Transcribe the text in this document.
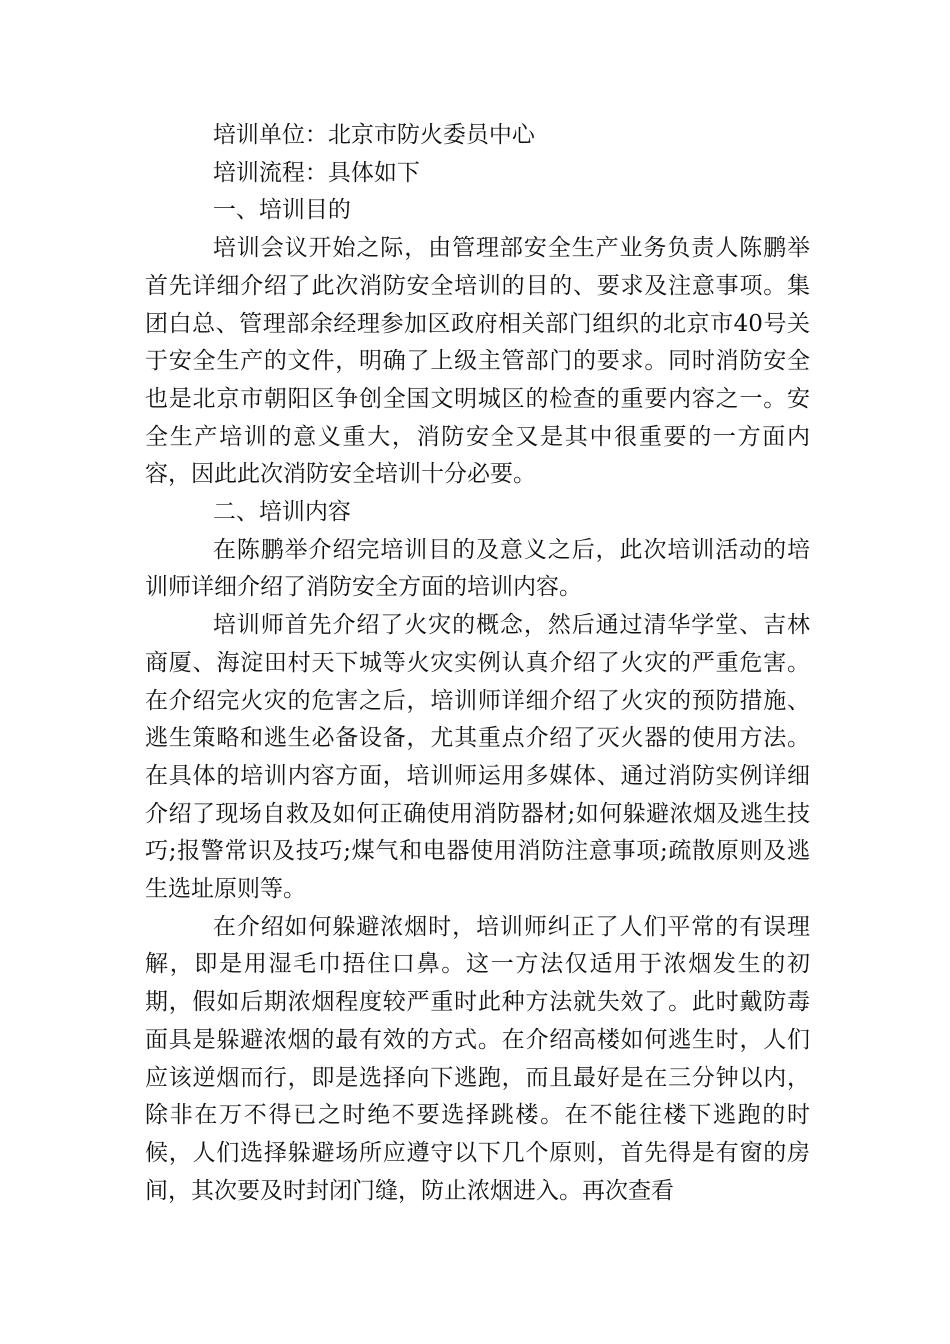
培训单位：北京市防火委员中心

培训流程：具体如下

一、培训目的

培训会议开始之际，由管理部安全生产业务负责人陈鹏举首先详细介绍了此次消防安全培训的目的、要求及注意事项。集团白总、管理部余经理参加区政府相关部门组织的北京市40号关于安全生产的文件，明确了上级主管部门的要求。同时消防安全也是北京市朝阳区争创全国文明城区的检查的重要内容之一。安全生产培训的意义重大，消防安全又是其中很重要的一方面内容，因此此次消防安全培训十分必要。

二、培训内容

在陈鹏举介绍完培训目的及意义之后，此次培训活动的培训师详细介绍了消防安全方面的培训内容。

培训师首先介绍了火灾的概念，然后通过清华学堂、吉林商厦、海淀田村天下城等火灾实例认真介绍了火灾的严重危害。在介绍完火灾的危害之后，培训师详细介绍了火灾的预防措施、逃生策略和逃生必备设备，尤其重点介绍了灭火器的使用方法。在具体的培训内容方面，培训师运用多媒体、通过消防实例详细介绍了现场自救及如何正确使用消防器材;如何躲避浓烟及逃生技巧;报警常识及技巧;煤气和电器使用消防注意事项;疏散原则及逃生选址原则等。

在介绍如何躲避浓烟时，培训师纠正了人们平常的有误理解，即是用湿毛巾捂住口鼻。这一方法仅适用于浓烟发生的初期，假如后期浓烟程度较严重时此种方法就失效了。此时戴防毒面具是躲避浓烟的最有效的方式。在介绍高楼如何逃生时，人们应该逆烟而行，即是选择向下逃跑，而且最好是在三分钟以内，除非在万不得已之时绝不要选择跳楼。在不能往楼下逃跑的时候，人们选择躲避场所应遵守以下几个原则，首先得是有窗的房间，其次要及时封闭门缝，防止浓烟进入。再次查看
